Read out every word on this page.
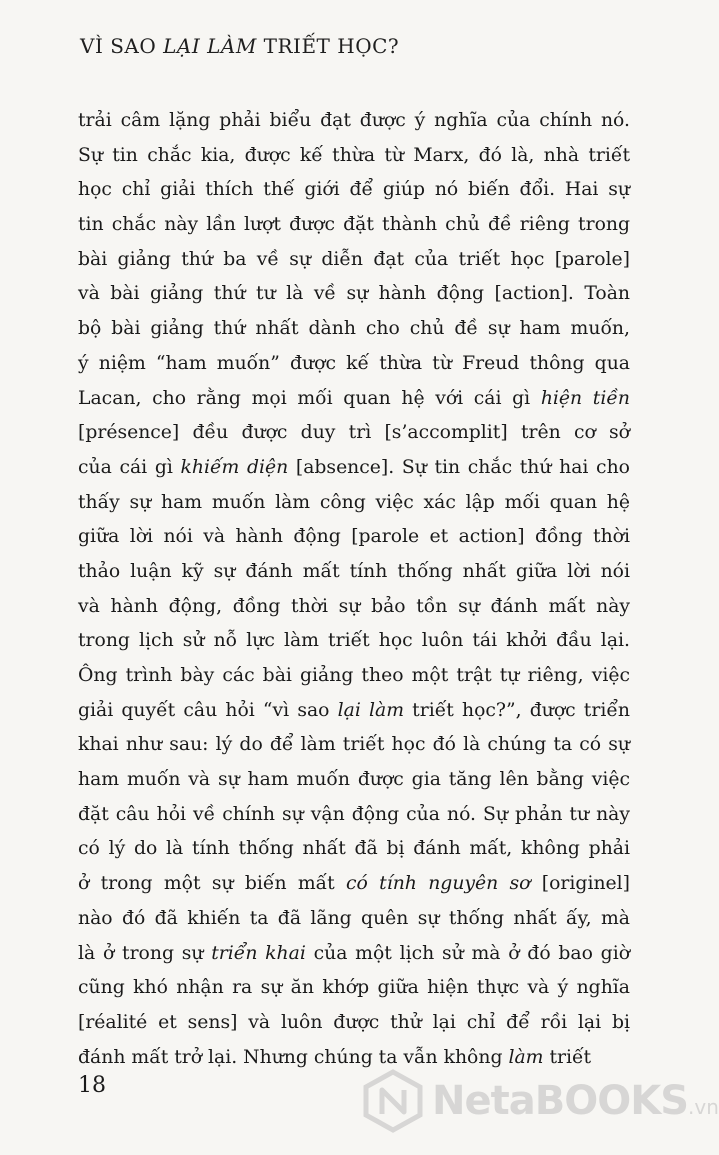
VÌ SAO LẠI LÀM TRIẾT HỌC?
trải câm lặng phải biểu đạt được ý nghĩa của chính nó.
Sự tin chắc kia, được kế thừa từ Marx, đó là, nhà triết
học chỉ giải thích thế giới để giúp nó biến đổi. Hai sự
tin chắc này lần lượt được đặt thành chủ đề riêng trong
bài giảng thứ ba về sự diễn đạt của triết học [parole]
và bài giảng thứ tư là về sự hành động [action]. Toàn
bộ bài giảng thứ nhất dành cho chủ đề sự ham muốn,
ý niệm “ham muốn” được kế thừa từ Freud thông qua
Lacan, cho rằng mọi mối quan hệ với cái gì hiện tiền
[présence] đều được duy trì [s’accomplit] trên cơ sở
của cái gì khiếm diện [absence]. Sự tin chắc thứ hai cho
thấy sự ham muốn làm công việc xác lập mối quan hệ
giữa lời nói và hành động [parole et action] đồng thời
thảo luận kỹ sự đánh mất tính thống nhất giữa lời nói
và hành động, đồng thời sự bảo tồn sự đánh mất này
trong lịch sử nỗ lực làm triết học luôn tái khởi đầu lại.
Ông trình bày các bài giảng theo một trật tự riêng, việc
giải quyết câu hỏi “vì sao lại làm triết học?”, được triển
khai như sau: lý do để làm triết học đó là chúng ta có sự
ham muốn và sự ham muốn được gia tăng lên bằng việc
đặt câu hỏi về chính sự vận động của nó. Sự phản tư này
có lý do là tính thống nhất đã bị đánh mất, không phải
ở trong một sự biến mất có tính nguyên sơ [originel]
nào đó đã khiến ta đã lãng quên sự thống nhất ấy, mà
là ở trong sự triển khai của một lịch sử mà ở đó bao giờ
cũng khó nhận ra sự ăn khớp giữa hiện thực và ý nghĩa
[réalité et sens] và luôn được thử lại chỉ để rồi lại bị
đánh mất trở lại. Nhưng chúng ta vẫn không làm triết
18	NetaBOOKS.vn
